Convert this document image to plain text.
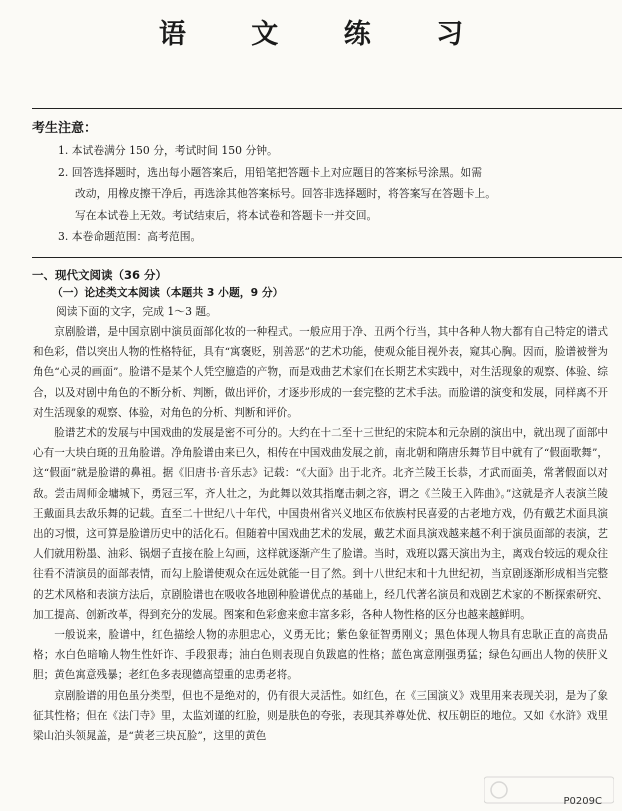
语 文 练 习
考生注意：
1. 本试卷满分 150 分，考试时间 150 分钟。
2. 回答选择题时，选出每小题答案后，用铅笔把答题卡上对应题目的答案标号涂黑。如需
改动，用橡皮擦干净后，再选涂其他答案标号。回答非选择题时，将答案写在答题卡上。
写在本试卷上无效。考试结束后，将本试卷和答题卡一并交回。
3. 本卷命题范围：高考范围。
一、现代文阅读（36 分）
（一）论述类文本阅读（本题共 3 小题，9 分）
阅读下面的文字，完成 1～3 题。

京剧脸谱，是中国京剧中演员面部化妆的一种程式。一般应用于净、丑两个行当，其中各种人物大都有自己特定的谱式和色彩，借以突出人物的性格特征，具有“寓褒贬，别善恶”的艺术功能，使观众能目视外表，窥其心胸。因而，脸谱被誉为角色“心灵的画面”。脸谱不是某个人凭空臆造的产物，而是戏曲艺术家们在长期艺术实践中，对生活现象的观察、体验、综合，以及对剧中角色的不断分析、判断，做出评价，才逐步形成的一套完整的艺术手法。而脸谱的演变和发展，同样离不开对生活现象的观察、体验，对角色的分析、判断和评价。

脸谱艺术的发展与中国戏曲的发展是密不可分的。大约在十二至十三世纪的宋院本和元杂剧的演出中，就出现了面部中心有一大块白斑的丑角脸谱。净角脸谱由来已久，相传在中国戏曲发展之前，南北朝和隋唐乐舞节目中就有了“假面歌舞”，这“假面”就是脸谱的鼻祖。据《旧唐书·音乐志》记载：“《大面》出于北齐。北齐兰陵王长恭，才武而面美，常著假面以对敌。尝击周师金墉城下，勇冠三军，齐人壮之，为此舞以效其指麾击刺之容，谓之《兰陵王入阵曲》。”这就是齐人表演兰陵王戴面具去敌乐舞的记载。直至二十世纪八十年代，中国贵州省兴义地区布依族村民喜爱的古老地方戏，仍有戴艺术面具演出的习惯，这可算是脸谱历史中的活化石。但随着中国戏曲艺术的发展，戴艺术面具演戏越来越不利于演员面部的表演，艺人们就用粉墨、油彩、锅烟子直接在脸上勾画，这样就逐渐产生了脸谱。当时，戏班以露天演出为主，离戏台较远的观众往往看不清演员的面部表情，而勾上脸谱使观众在远处就能一目了然。到十八世纪末和十九世纪初，当京剧逐渐形成相当完整的艺术风格和表演方法后，京剧脸谱也在吸收各地剧种脸谱优点的基础上，经几代著名演员和戏剧艺术家的不断探索研究、加工提高、创新改革，得到充分的发展。图案和色彩愈来愈丰富多彩，各种人物性格的区分也越来越鲜明。

一般说来，脸谱中，红色描绘人物的赤胆忠心，义勇无比；紫色象征智勇刚义；黑色体现人物具有忠耿正直的高贵品格；水白色暗喻人物生性奸诈、手段狠毒；油白色则表现自负跋扈的性格；蓝色寓意刚强勇猛；绿色勾画出人物的侠肝义胆；黄色寓意残暴；老红色多表现德高望重的忠勇老将。

京剧脸谱的用色虽分类型，但也不是绝对的，仍有很大灵活性。如红色，在《三国演义》戏里用来表现关羽，是为了象征其性格；但在《法门寺》里，太监刘谨的红脸，则是肤色的夸张，表现其养尊处优、权压朝臣的地位。又如《水浒》戏里梁山泊头领晁盖，是“黄老三块瓦脸”，这里的黄色

P0209C
